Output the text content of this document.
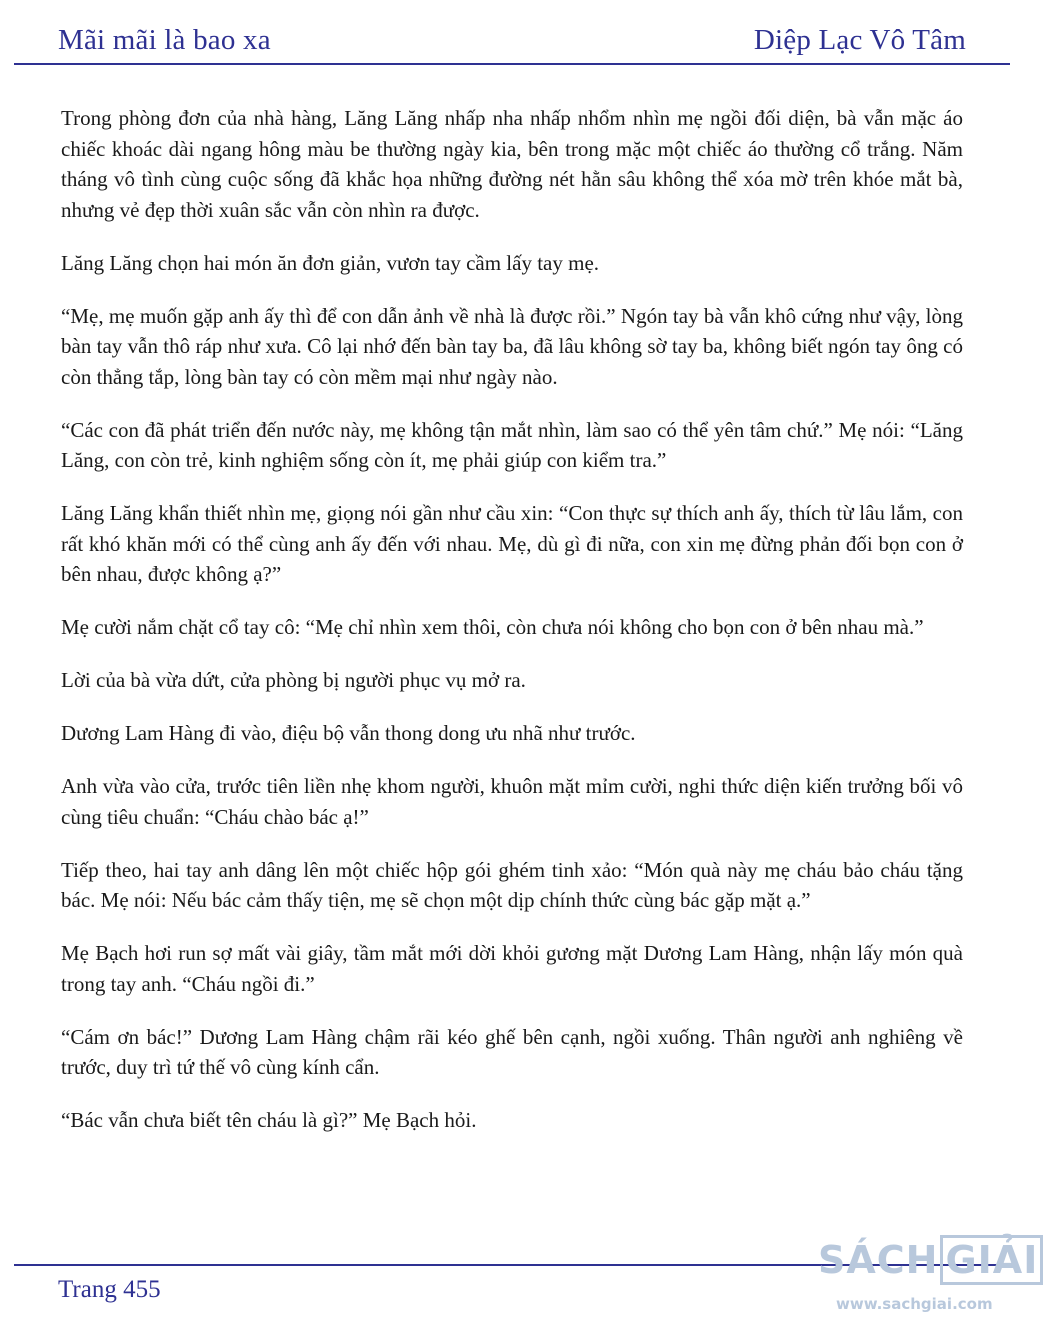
Mãi mãi là bao xa	Diệp Lạc Vô Tâm

Trong phòng đơn của nhà hàng, Lăng Lăng nhấp nha nhấp nhổm nhìn mẹ ngồi đối diện, bà vẫn mặc áo chiếc khoác dài ngang hông màu be thường ngày kia, bên trong mặc một chiếc áo thường cổ trắng. Năm tháng vô tình cùng cuộc sống đã khắc họa những đường nét hằn sâu không thể xóa mờ trên khóe mắt bà, nhưng vẻ đẹp thời xuân sắc vẫn còn nhìn ra được.

Lăng Lăng chọn hai món ăn đơn giản, vươn tay cầm lấy tay mẹ.

“Mẹ, mẹ muốn gặp anh ấy thì để con dẫn ảnh về nhà là được rồi.” Ngón tay bà vẫn khô cứng như vậy, lòng bàn tay vẫn thô ráp như xưa. Cô lại nhớ đến bàn tay ba, đã lâu không sờ tay ba, không biết ngón tay ông có còn thẳng tắp, lòng bàn tay có còn mềm mại như ngày nào.

“Các con đã phát triển đến nước này, mẹ không tận mắt nhìn, làm sao có thể yên tâm chứ.” Mẹ nói: “Lăng Lăng, con còn trẻ, kinh nghiệm sống còn ít, mẹ phải giúp con kiểm tra.”

Lăng Lăng khẩn thiết nhìn mẹ, giọng nói gần như cầu xin: “Con thực sự thích anh ấy, thích từ lâu lắm, con rất khó khăn mới có thể cùng anh ấy đến với nhau. Mẹ, dù gì đi nữa, con xin mẹ đừng phản đối bọn con ở bên nhau, được không ạ?”

Mẹ cười nắm chặt cổ tay cô: “Mẹ chỉ nhìn xem thôi, còn chưa nói không cho bọn con ở bên nhau mà.”

Lời của bà vừa dứt, cửa phòng bị người phục vụ mở ra.

Dương Lam Hàng đi vào, điệu bộ vẫn thong dong ưu nhã như trước.

Anh vừa vào cửa, trước tiên liền nhẹ khom người, khuôn mặt mỉm cười, nghi thức diện kiến trưởng bối vô cùng tiêu chuẩn: “Cháu chào bác ạ!”

Tiếp theo, hai tay anh dâng lên một chiếc hộp gói ghém tinh xảo: “Món quà này mẹ cháu bảo cháu tặng bác. Mẹ nói: Nếu bác cảm thấy tiện, mẹ sẽ chọn một dịp chính thức cùng bác gặp mặt ạ.”

Mẹ Bạch hơi run sợ mất vài giây, tầm mắt mới dời khỏi gương mặt Dương Lam Hàng, nhận lấy món quà trong tay anh. “Cháu ngồi đi.”

“Cám ơn bác!” Dương Lam Hàng chậm rãi kéo ghế bên cạnh, ngồi xuống. Thân người anh nghiêng về trước, duy trì tứ thế vô cùng kính cẩn.

“Bác vẫn chưa biết tên cháu là gì?” Mẹ Bạch hỏi.

Trang 455
SÁCH GIẢI
www.sachgiai.com
